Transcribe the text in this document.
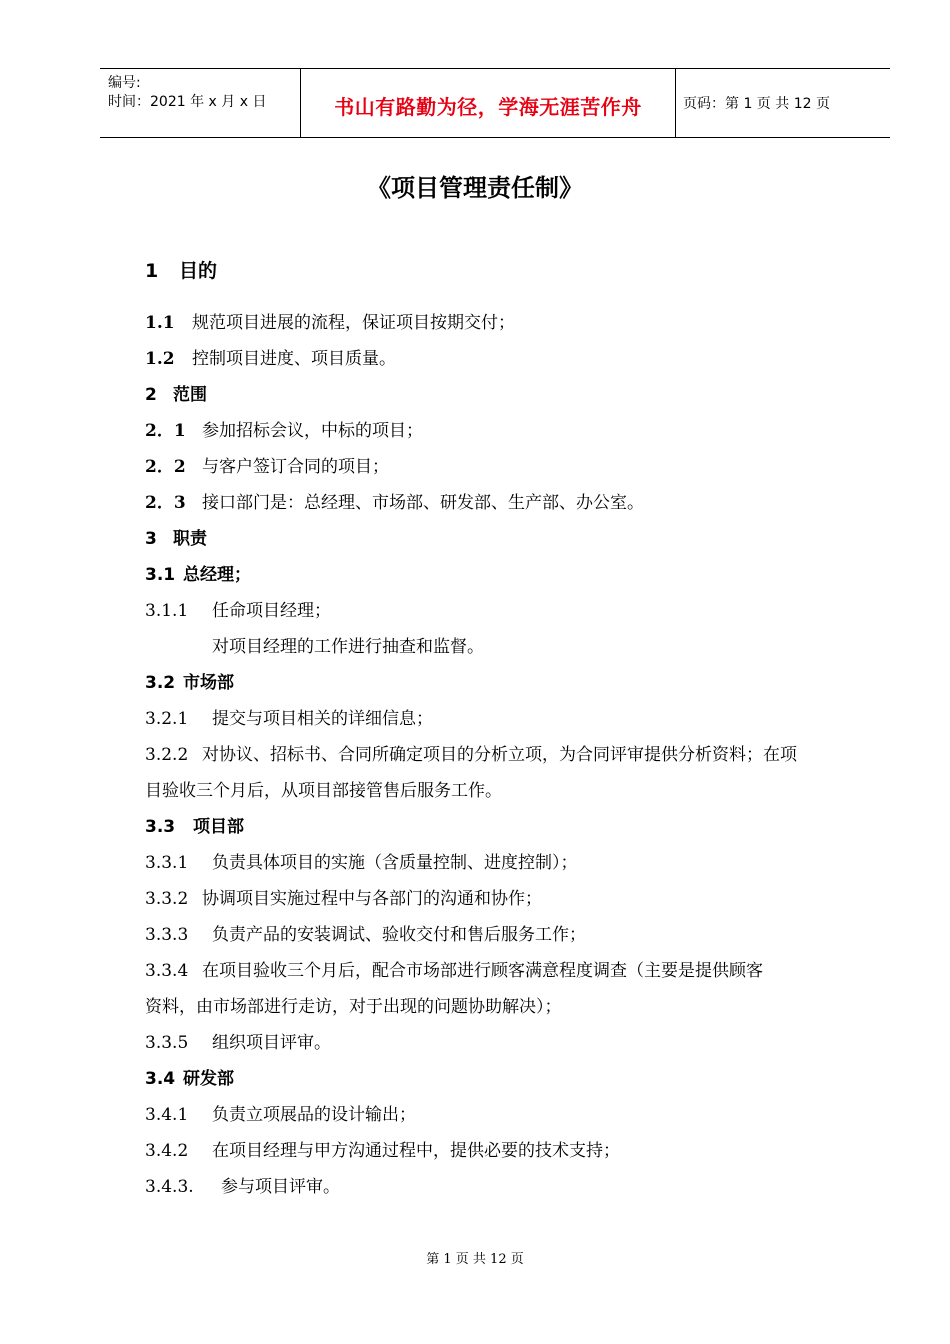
编号:
时间：2021 年 x 月 x 日	书山有路勤为径，学海无涯苦作舟	页码：第 1 页 共 12 页
《项目管理责任制》
1 目的
1.1 规范项目进展的流程，保证项目按期交付；
1.2 控制项目进度、项目质量。
2 范围
2．1 参加招标会议，中标的项目；
2．2 与客户签订合同的项目；
2．3 接口部门是：总经理、市场部、研发部、生产部、办公室。
3 职责
3.1 总经理；
3.1.1 任命项目经理；
对项目经理的工作进行抽查和监督。
3.2 市场部
3.2.1 提交与项目相关的详细信息；
3.2.2 对协议、招标书、合同所确定项目的分析立项，为合同评审提供分析资料；在项
目验收三个月后，从项目部接管售后服务工作。
3.3 项目部
3.3.1 负责具体项目的实施（含质量控制、进度控制）；
3.3.2 协调项目实施过程中与各部门的沟通和协作；
3.3.3 负责产品的安装调试、验收交付和售后服务工作；
3.3.4 在项目验收三个月后，配合市场部进行顾客满意程度调查（主要是提供顾客
资料，由市场部进行走访，对于出现的问题协助解决）；
3.3.5 组织项目评审。
3.4 研发部
3.4.1 负责立项展品的设计输出；
3.4.2 在项目经理与甲方沟通过程中，提供必要的技术支持；
3.4.3. 参与项目评审。
第 1 页 共 12 页
